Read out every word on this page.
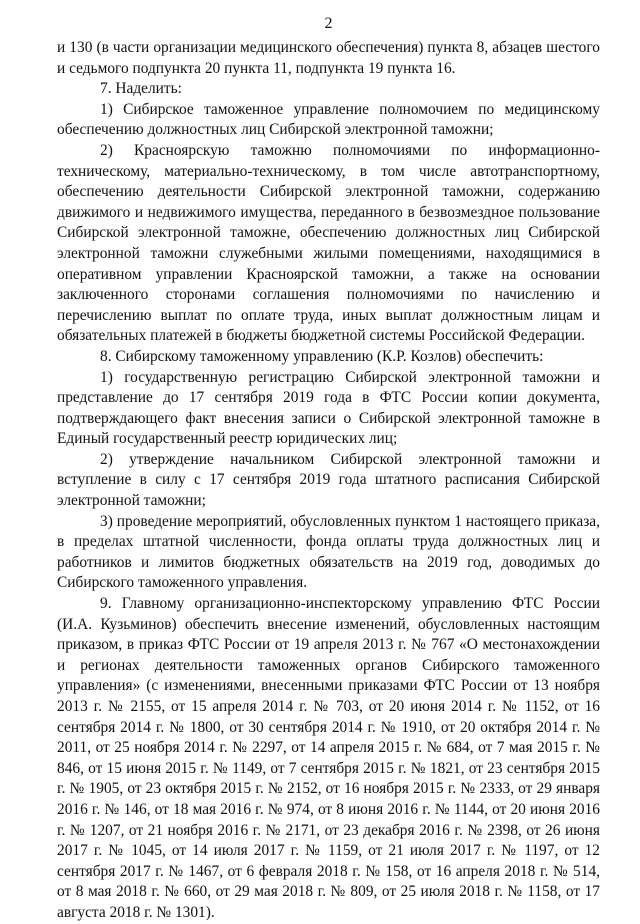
2

и 130 (в части организации медицинского обеспечения) пункта 8, абзацев шестого и седьмого подпункта 20 пункта 11, подпункта 19 пункта 16.

7. Наделить:

1) Сибирское таможенное управление полномочием по медицинскому обеспечению должностных лиц Сибирской электронной таможни;

2) Красноярскую таможню полномочиями по информационно-техническому, материально-техническому, в том числе автотранспортному, обеспечению деятельности Сибирской электронной таможни, содержанию движимого и недвижимого имущества, переданного в безвозмездное пользование Сибирской электронной таможне, обеспечению должностных лиц Сибирской электронной таможни служебными жилыми помещениями, находящимися в оперативном управлении Красноярской таможни, а также на основании заключенного сторонами соглашения полномочиями по начислению и перечислению выплат по оплате труда, иных выплат должностным лицам и обязательных платежей в бюджеты бюджетной системы Российской Федерации.

8. Сибирскому таможенному управлению (К.Р. Козлов) обеспечить:

1) государственную регистрацию Сибирской электронной таможни и представление до 17 сентября 2019 года в ФТС России копии документа, подтверждающего факт внесения записи о Сибирской электронной таможне в Единый государственный реестр юридических лиц;

2) утверждение начальником Сибирской электронной таможни и вступление в силу с 17 сентября 2019 года штатного расписания Сибирской электронной таможни;

3) проведение мероприятий, обусловленных пунктом 1 настоящего приказа, в пределах штатной численности, фонда оплаты труда должностных лиц и работников и лимитов бюджетных обязательств на 2019 год, доводимых до Сибирского таможенного управления.

9. Главному организационно-инспекторскому управлению ФТС России (И.А. Кузьминов) обеспечить внесение изменений, обусловленных настоящим приказом, в приказ ФТС России от 19 апреля 2013 г. № 767 «О местонахождении и регионах деятельности таможенных органов Сибирского таможенного управления» (с изменениями, внесенными приказами ФТС России от 13 ноября 2013 г. № 2155, от 15 апреля 2014 г. № 703, от 20 июня 2014 г. № 1152, от 16 сентября 2014 г. № 1800, от 30 сентября 2014 г. № 1910, от 20 октября 2014 г. № 2011, от 25 ноября 2014 г. № 2297, от 14 апреля 2015 г. № 684, от 7 мая 2015 г. № 846, от 15 июня 2015 г. № 1149, от 7 сентября 2015 г. № 1821, от 23 сентября 2015 г. № 1905, от 23 октября 2015 г. № 2152, от 16 ноября 2015 г. № 2333, от 29 января 2016 г. № 146, от 18 мая 2016 г. № 974, от 8 июня 2016 г. № 1144, от 20 июня 2016 г. № 1207, от 21 ноября 2016 г. № 2171, от 23 декабря 2016 г. № 2398, от 26 июня 2017 г. № 1045, от 14 июля 2017 г. № 1159, от 21 июля 2017 г. № 1197, от 12 сентября 2017 г. № 1467, от 6 февраля 2018 г. № 158, от 16 апреля 2018 г. № 514, от 8 мая 2018 г. № 660, от 29 мая 2018 г. № 809, от 25 июля 2018 г. № 1158, от 17 августа 2018 г. № 1301).
